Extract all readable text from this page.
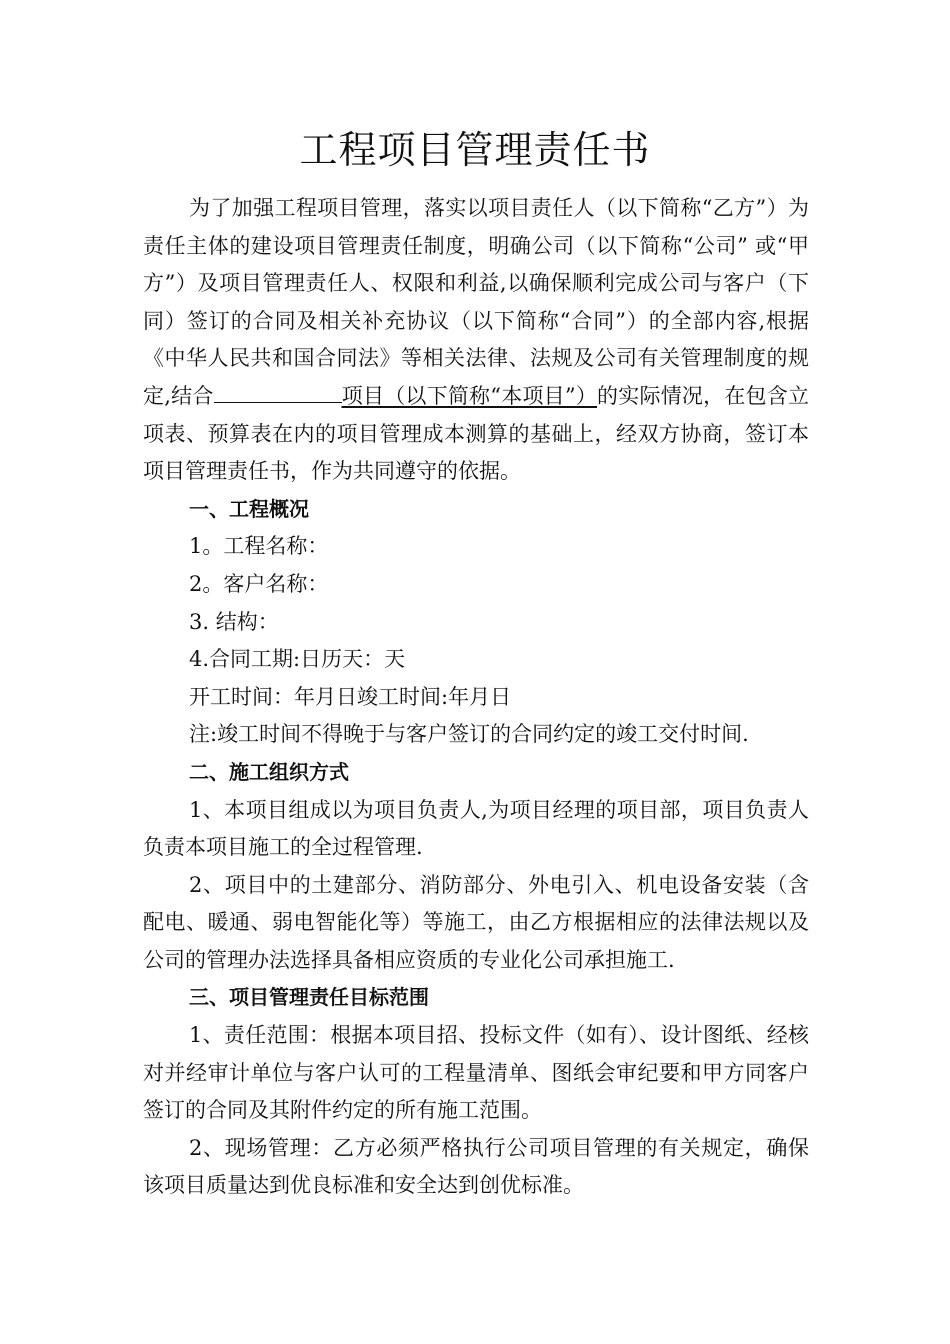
工程项目管理责任书

为了加强工程项目管理，落实以项目责任人（以下简称“乙方”）为责任主体的建设项目管理责任制度，明确公司（以下简称“公司” 或“甲方”）及项目管理责任人、权限和利益,以确保顺利完成公司与客户（下同）签订的合同及相关补充协议（以下简称“合同”）的全部内容,根据《中华人民共和国合同法》等相关法律、法规及公司有关管理制度的规定,结合	项目（以下简称“本项目”）的实际情况，在包含立项表、预算表在内的项目管理成本测算的基础上，经双方协商，签订本项目管理责任书，作为共同遵守的依据。

一、工程概况

1。工程名称：

2。客户名称：

3. 结构：

4.合同工期:日历天：天

开工时间：年月日竣工时间:年月日

注:竣工时间不得晚于与客户签订的合同约定的竣工交付时间.

二、施工组织方式

1、本项目组成以为项目负责人,为项目经理的项目部，项目负责人负责本项目施工的全过程管理.

2、项目中的土建部分、消防部分、外电引入、机电设备安装（含配电、暖通、弱电智能化等）等施工，由乙方根据相应的法律法规以及公司的管理办法选择具备相应资质的专业化公司承担施工.

三、项目管理责任目标范围

1、责任范围：根据本项目招、投标文件（如有）、设计图纸、经核对并经审计单位与客户认可的工程量清单、图纸会审纪要和甲方同客户签订的合同及其附件约定的所有施工范围。

2、现场管理：乙方必须严格执行公司项目管理的有关规定，确保该项目质量达到优良标准和安全达到创优标准。
